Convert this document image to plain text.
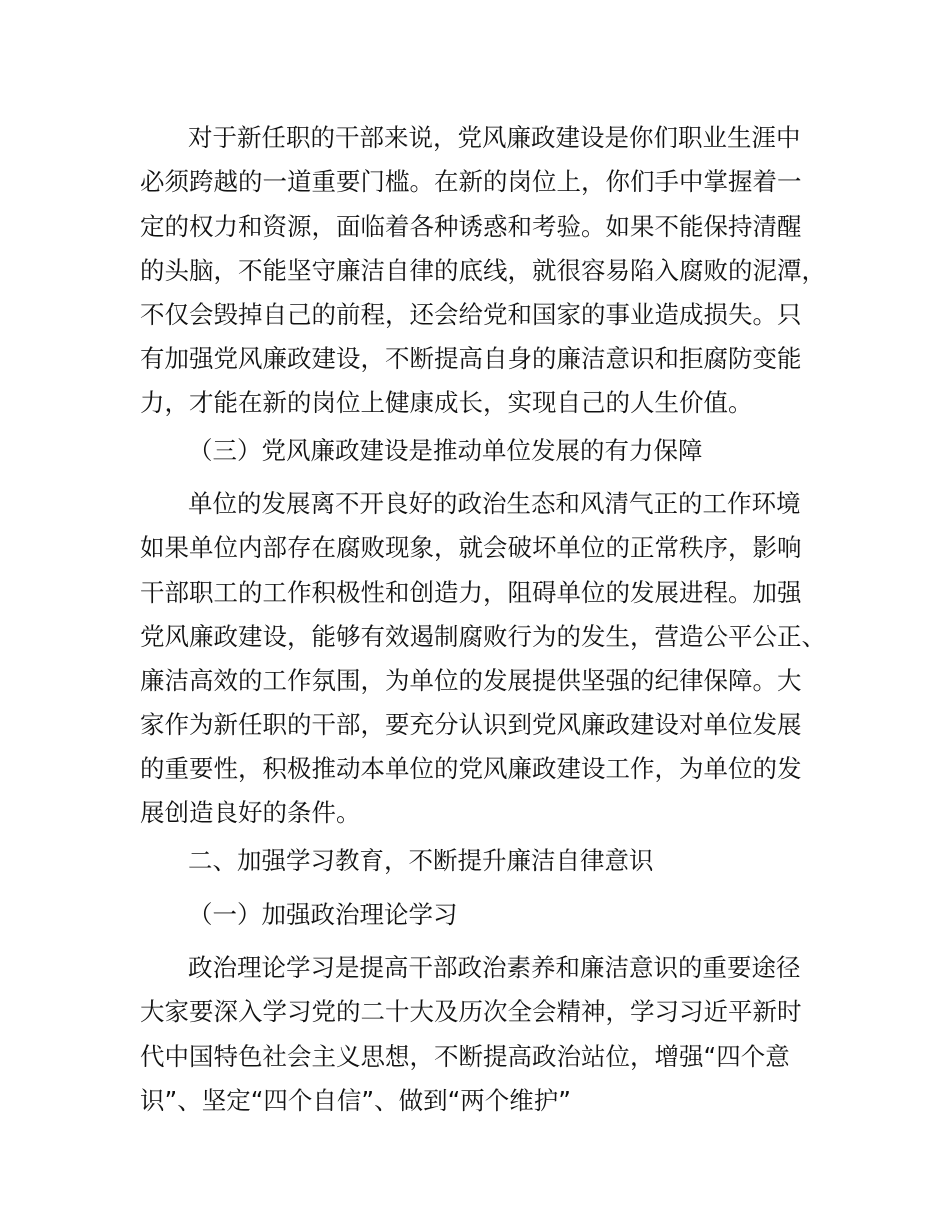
对于新任职的干部来说，党风廉政建设是你们职业生涯中
必须跨越的一道重要门槛。在新的岗位上，你们手中掌握着一
定的权力和资源，面临着各种诱惑和考验。如果不能保持清醒
的头脑，不能坚守廉洁自律的底线，就很容易陷入腐败的泥潭，
不仅会毁掉自己的前程，还会给党和国家的事业造成损失。只
有加强党风廉政建设，不断提高自身的廉洁意识和拒腐防变能
力，才能在新的岗位上健康成长，实现自己的人生价值。
（三）党风廉政建设是推动单位发展的有力保障
单位的发展离不开良好的政治生态和风清气正的工作环境
如果单位内部存在腐败现象，就会破坏单位的正常秩序，影响
干部职工的工作积极性和创造力，阻碍单位的发展进程。加强
党风廉政建设，能够有效遏制腐败行为的发生，营造公平公正、
廉洁高效的工作氛围，为单位的发展提供坚强的纪律保障。大
家作为新任职的干部，要充分认识到党风廉政建设对单位发展
的重要性，积极推动本单位的党风廉政建设工作，为单位的发
展创造良好的条件。
二、加强学习教育，不断提升廉洁自律意识
（一）加强政治理论学习
政治理论学习是提高干部政治素养和廉洁意识的重要途径
大家要深入学习党的二十大及历次全会精神，学习习近平新时
代中国特色社会主义思想，不断提高政治站位，增强“四个意
识”、坚定“四个自信”、做到“两个维护”
